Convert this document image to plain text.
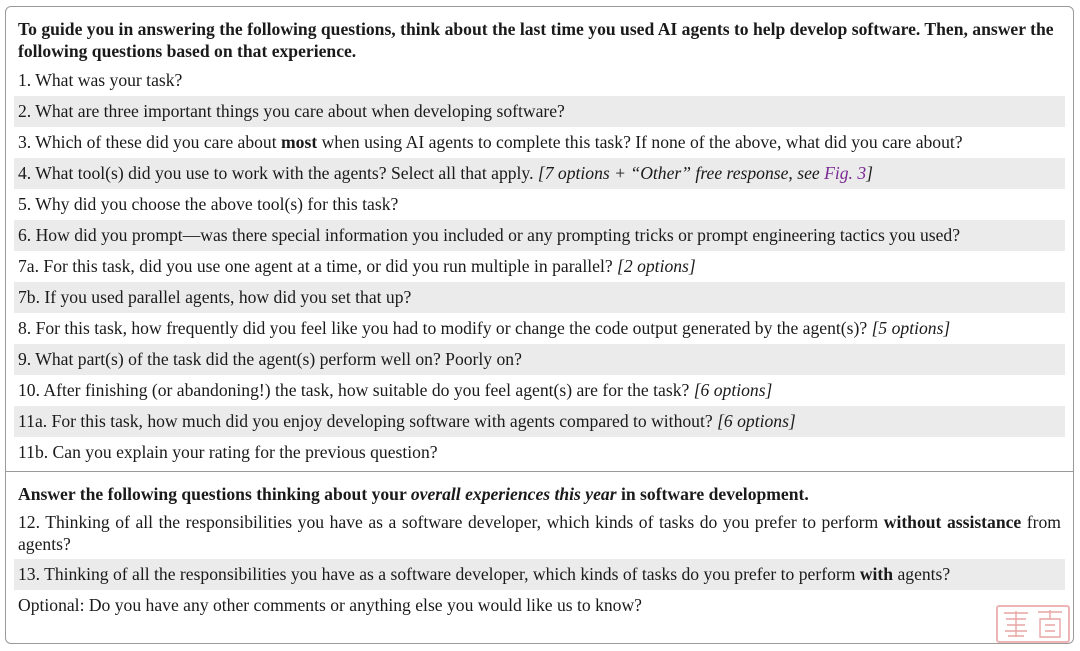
To guide you in answering the following questions, think about the last time you used AI agents to help develop software. Then, answer the following questions based on that experience.
1. What was your task?
2. What are three important things you care about when developing software?
3. Which of these did you care about most when using AI agents to complete this task? If none of the above, what did you care about?
4. What tool(s) did you use to work with the agents? Select all that apply. [7 options + “Other” free response, see Fig. 3]
5. Why did you choose the above tool(s) for this task?
6. How did you prompt—was there special information you included or any prompting tricks or prompt engineering tactics you used?
7a. For this task, did you use one agent at a time, or did you run multiple in parallel? [2 options]
7b. If you used parallel agents, how did you set that up?
8. For this task, how frequently did you feel like you had to modify or change the code output generated by the agent(s)? [5 options]
9. What part(s) of the task did the agent(s) perform well on? Poorly on?
10. After finishing (or abandoning!) the task, how suitable do you feel agent(s) are for the task? [6 options]
11a. For this task, how much did you enjoy developing software with agents compared to without? [6 options]
11b. Can you explain your rating for the previous question?
Answer the following questions thinking about your overall experiences this year in software development.
12. Thinking of all the responsibilities you have as a software developer, which kinds of tasks do you prefer to perform without assistance from agents?
13. Thinking of all the responsibilities you have as a software developer, which kinds of tasks do you prefer to perform with agents?
Optional: Do you have any other comments or anything else you would like us to know?
